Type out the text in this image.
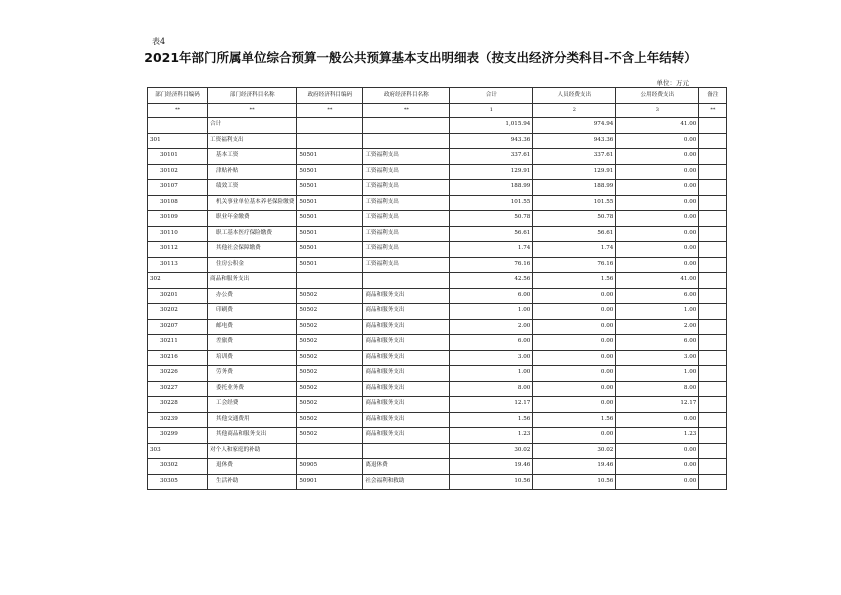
表4
2021年部门所属单位综合预算一般公共预算基本支出明细表（按支出经济分类科目-不含上年结转）
单位：万元
部门经济科目编码	部门经济科目名称	政府经济科目编码	政府经济科目名称	合计	人员经费支出	公用经费支出	备注
**	**	**	**	1	2	3	**
	合计			1,015.94	974.94	41.00	
301	工资福利支出			943.36	943.36	0.00	
30101	基本工资	50501	工资福利支出	337.61	337.61	0.00	
30102	津贴补贴	50501	工资福利支出	129.91	129.91	0.00	
30107	绩效工资	50501	工资福利支出	188.99	188.99	0.00	
30108	机关事业单位基本养老保险缴费	50501	工资福利支出	101.55	101.55	0.00	
30109	职业年金缴费	50501	工资福利支出	50.78	50.78	0.00	
30110	职工基本医疗保险缴费	50501	工资福利支出	56.61	56.61	0.00	
30112	其他社会保障缴费	50501	工资福利支出	1.74	1.74	0.00	
30113	住房公积金	50501	工资福利支出	76.16	76.16	0.00	
302	商品和服务支出			42.56	1.56	41.00	
30201	办公费	50502	商品和服务支出	6.00	0.00	6.00	
30202	印刷费	50502	商品和服务支出	1.00	0.00	1.00	
30207	邮电费	50502	商品和服务支出	2.00	0.00	2.00	
30211	差旅费	50502	商品和服务支出	6.00	0.00	6.00	
30216	培训费	50502	商品和服务支出	3.00	0.00	3.00	
30226	劳务费	50502	商品和服务支出	1.00	0.00	1.00	
30227	委托业务费	50502	商品和服务支出	8.00	0.00	8.00	
30228	工会经费	50502	商品和服务支出	12.17	0.00	12.17	
30239	其他交通费用	50502	商品和服务支出	1.56	1.56	0.00	
30299	其他商品和服务支出	50502	商品和服务支出	1.23	0.00	1.23	
303	对个人和家庭的补助			30.02	30.02	0.00	
30302	退休费	50905	离退休费	19.46	19.46	0.00	
30305	生活补助	50901	社会福利和救助	10.56	10.56	0.00	
